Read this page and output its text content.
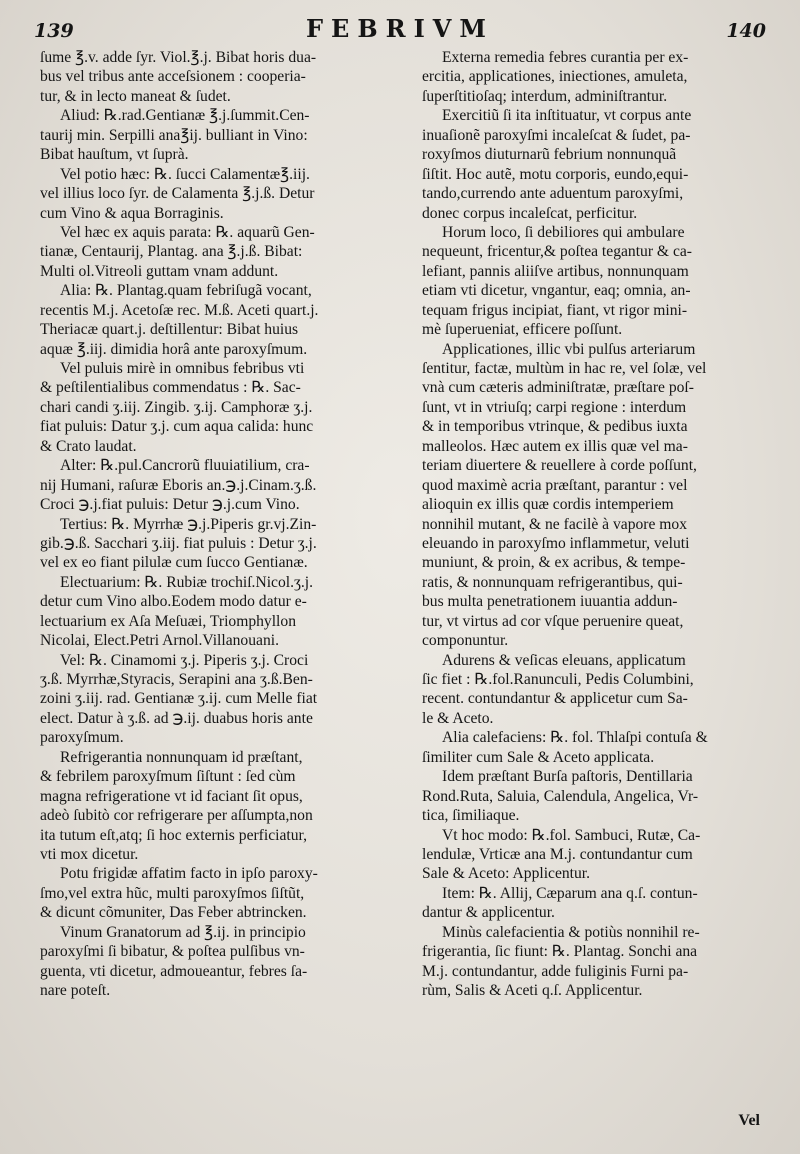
139	FEBRIVM	140
ſume ℥.v. adde ſyr. Viol.℥.j. Bibat horis dua-
bus vel tribus ante acceſsionem : cooperia-
tur, & in lecto maneat & ſudet.
Aliud: ℞.rad.Gentianæ ℥.j.ſummit.Cen-
taurij min. Serpilli ana℥ij. bulliant in Vino:
Bibat hauſtum, vt ſuprà.
Vel potio hæc: ℞. ſucci Calamentæ℥.iij.
vel illius loco ſyr. de Calamenta ℥.j.ß. Detur
cum Vino & aqua Borraginis.
Vel hæc ex aquis parata: ℞. aquarũ Gen-
tianæ, Centaurij, Plantag. ana ℥.j.ß. Bibat:
Multi ol.Vitreoli guttam vnam addunt.
Alia: ℞. Plantag.quam febriſugã vocant,
recentis M.j. Acetoſæ rec. M.ß. Aceti quart.j.
Theriacæ quart.j. deſtillentur: Bibat huius
aquæ ℥.iij. dimidia horâ ante paroxyſmum.
Vel puluis mirè in omnibus febribus vti
& peſtilentialibus commendatus : ℞. Sac-
chari candi ʒ.iij. Zingib. ʒ.ij. Camphoræ ʒ.j.
fiat puluis: Datur ʒ.j. cum aqua calida: hunc
& Crato laudat.
Alter: ℞.pul.Cancrorũ fluuiatilium, cra-
nij Humani, raſuræ Eboris an.℈.j.Cinam.ʒ.ß.
Croci ℈.j.fiat puluis: Detur ℈.j.cum Vino.
Tertius: ℞. Myrrhæ ℈.j.Piperis gr.vj.Zin-
gib.℈.ß. Sacchari ʒ.iij. fiat puluis : Detur ʒ.j.
vel ex eo fiant pilulæ cum ſucco Gentianæ.
Electuarium: ℞. Rubiæ trochiſ.Nicol.ʒ.j.
detur cum Vino albo.Eodem modo datur e-
lectuarium ex Aſa Meſuæi, Triomphyllon
Nicolai, Elect.Petri Arnol.Villanouani.
Vel: ℞. Cinamomi ʒ.j. Piperis ʒ.j. Croci
ʒ.ß. Myrrhæ,Styracis, Serapini ana ʒ.ß.Ben-
zoini ʒ.iij. rad. Gentianæ ʒ.ij. cum Melle fiat
elect. Datur à ʒ.ß. ad ℈.ij. duabus horis ante
paroxyſmum.
Refrigerantia nonnunquam id præſtant,
& febrilem paroxyſmum ſiſtunt : ſed cùm
magna refrigeratione vt id faciant ſit opus,
adeò ſubitò cor refrigerare per aſſumpta,non
ita tutum eſt,atq; ſi hoc externis perficiatur,
vti mox dicetur.
Potu frigidæ affatim facto in ipſo paroxy-
ſmo,vel extra hũc, multi paroxyſmos ſiſtũt,
& dicunt cõmuniter, Das Feber abtrincken.
Vinum Granatorum ad ℥.ij. in principio
paroxyſmi ſi bibatur, & poſtea pulſibus vn-
guenta, vti dicetur, admoueantur, febres ſa-
nare poteſt.
Externa remedia febres curantia per ex-
ercitia, applicationes, iniectiones, amuleta,
ſuperſtitioſaq; interdum, adminiſtrantur.
Exercitiũ ſi ita inſtituatur, vt corpus ante
inuaſionẽ paroxyſmi incaleſcat & ſudet, pa-
roxyſmos diuturnarũ febrium nonnunquã
ſiſtit. Hoc autẽ, motu corporis, eundo,equi-
tando,currendo ante aduentum paroxyſmi,
donec corpus incaleſcat, perficitur.
Horum loco, ſi debiliores qui ambulare
nequeunt, fricentur,& poſtea tegantur & ca-
lefiant, pannis aliiſve artibus, nonnunquam
etiam vti dicetur, vngantur, eaq; omnia, an-
tequam frigus incipiat, fiant, vt rigor mini-
mè ſuperueniat, efficere poſſunt.
Applicationes, illic vbi pulſus arteriarum
ſentitur, factæ, multùm in hac re, vel ſolæ, vel
vnà cum cæteris adminiſtratæ, præſtare poſ-
ſunt, vt in vtriuſq; carpi regione : interdum
& in temporibus vtrinque, & pedibus iuxta
malleolos. Hæc autem ex illis quæ vel ma-
teriam diuertere & reuellere à corde poſſunt,
quod maximè acria præſtant, parantur : vel
alioquin ex illis quæ cordis intemperiem
nonnihil mutant, & ne facilè à vapore mox
eleuando in paroxyſmo inflammetur, veluti
muniunt, & proin, & ex acribus, & tempe-
ratis, & nonnunquam refrigerantibus, qui-
bus multa penetrationem iuuantia addun-
tur, vt virtus ad cor vſque peruenire queat,
componuntur.
Adurens & veſicas eleuans, applicatum
ſic fiet : ℞.fol.Ranunculi, Pedis Columbini,
recent. contundantur & applicetur cum Sa-
le & Aceto.
Alia calefaciens: ℞. fol. Thlaſpi contuſa &
ſimiliter cum Sale & Aceto applicata.
Idem præſtant Burſa paſtoris, Dentillaria
Rond.Ruta, Saluia, Calendula, Angelica, Vr-
tica, ſimiliaque.
Vt hoc modo: ℞.fol. Sambuci, Rutæ, Ca-
lendulæ, Vrticæ ana M.j. contundantur cum
Sale & Aceto: Applicentur.
Item: ℞. Allij, Cæparum ana q.ſ. contun-
dantur & applicentur.
Minùs calefacientia & potiùs nonnihil re-
frigerantia, ſic fiunt: ℞. Plantag. Sonchi ana
M.j. contundantur, adde fuliginis Furni pa-
rùm, Salis & Aceti q.ſ. Applicentur.
Vel
